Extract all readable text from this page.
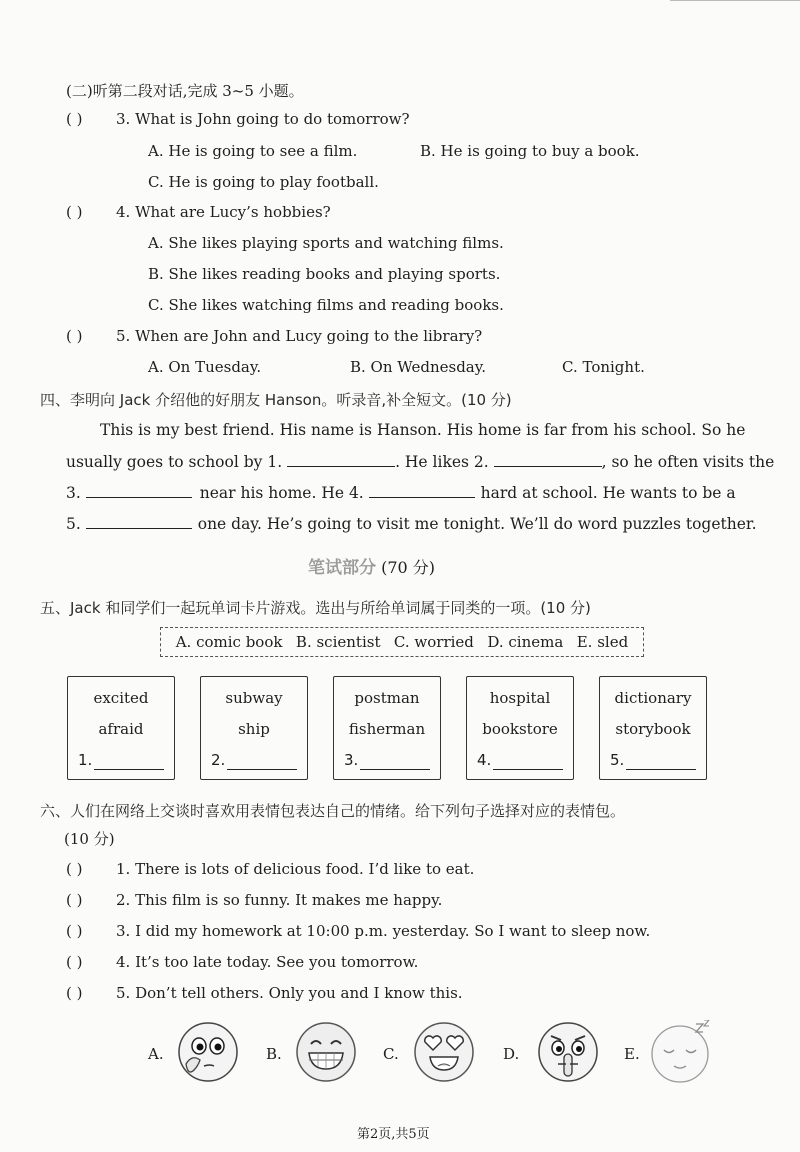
(二)听第二段对话,完成 3~5 小题。
( ) 3. What is John going to do tomorrow?
A. He is going to see a film.	B. He is going to buy a book.
C. He is going to play football.
( ) 4. What are Lucy’s hobbies?
A. She likes playing sports and watching films.
B. She likes reading books and playing sports.
C. She likes watching films and reading books.
( ) 5. When are John and Lucy going to the library?
A. On Tuesday.	B. On Wednesday.	C. Tonight.
四、李明向 Jack 介绍他的好朋友 Hanson。听录音,补全短文。(10 分)
This is my best friend. His name is Hanson. His home is far from his school. So he
usually goes to school by 1.	. He likes 2.	, so he often visits the
3.	near his home. He 4.	hard at school. He wants to be a
5.	one day. He’s going to visit me tonight. We’ll do word puzzles together.
笔试部分 (70 分)
五、Jack 和同学们一起玩单词卡片游戏。选出与所给单词属于同类的一项。(10 分)
A. comic book B. scientist C. worried D. cinema E. sled
excited
afraid
1.
subway
ship
2.
postman
fisherman
3.
hospital
bookstore
4.
dictionary
storybook
5.
六、人们在网络上交谈时喜欢用表情包表达自己的情绪。给下列句子选择对应的表情包。
(10 分)
( ) 1. There is lots of delicious food. I’d like to eat.
( ) 2. This film is so funny. It makes me happy.
( ) 3. I did my homework at 10:00 p.m. yesterday. So I want to sleep now.
( ) 4. It’s too late today. See you tomorrow.
( ) 5. Don’t tell others. Only you and I know this.
A.	B.	C.	D.	E.
第2页,共5页
